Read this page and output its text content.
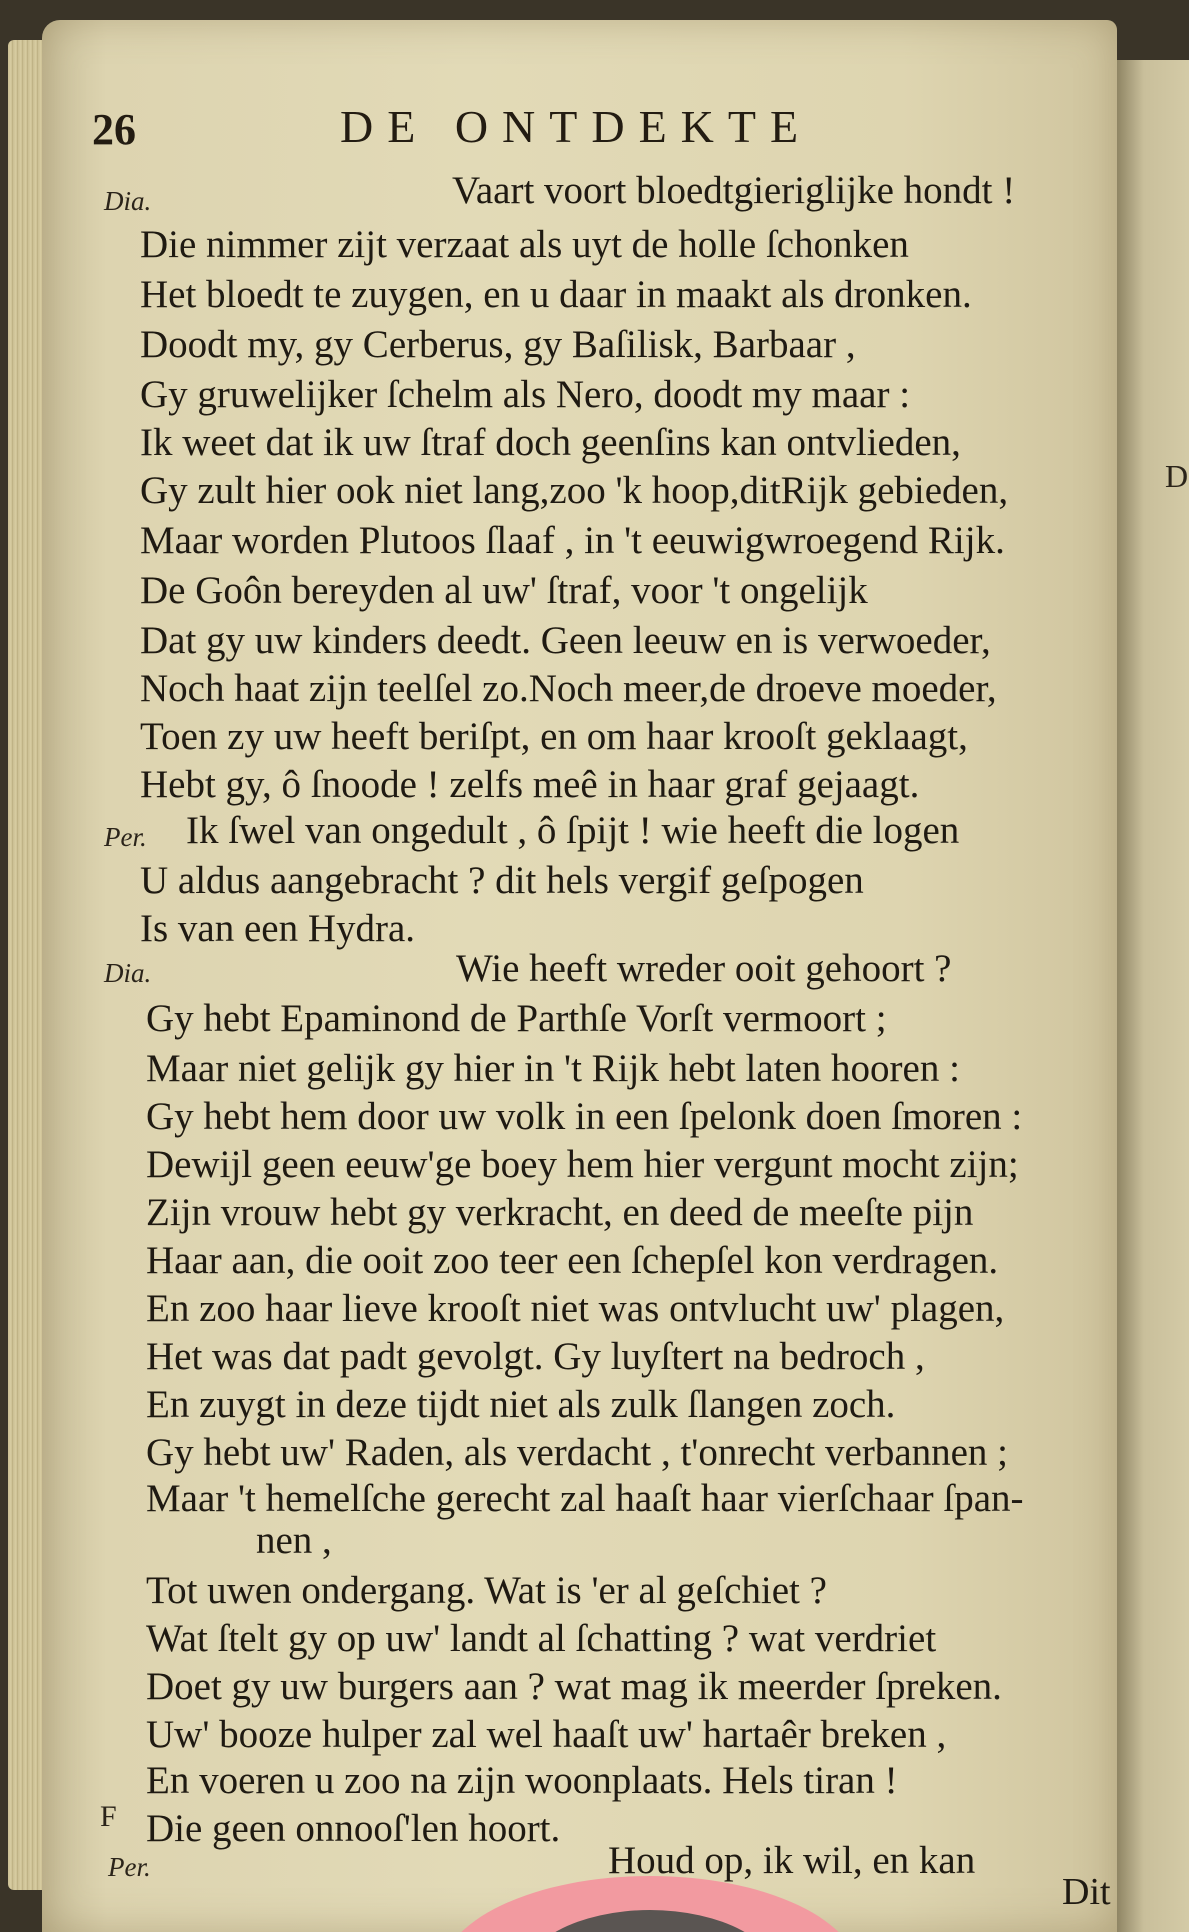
26	DE ONTDEKTE
Dia.	Vaart voort bloedtgieriglijke hondt !
Die nimmer zijt verzaat als uyt de holle ſchonken
Het bloedt te zuygen, en u daar in maakt als dronken.
Doodt my, gy Cerberus, gy Baſilisk, Barbaar ,
Gy gruwelijker ſchelm als Nero, doodt my maar :
Ik weet dat ik uw ſtraf doch geenſins kan ontvlieden,
Gy zult hier ook niet lang,zoo 'k hoop,ditRijk gebieden,
Maar worden Plutoos ſlaaf , in 't eeuwigwroegend Rijk.
De Goôn bereyden al uw' ſtraf, voor 't ongelijk
Dat gy uw kinders deedt. Geen leeuw en is verwoeder,
Noch haat zijn teelſel zo.Noch meer,de droeve moeder,
Toen zy uw heeft beriſpt, en om haar krooſt geklaagt,
Hebt gy, ô ſnoode ! zelfs meê in haar graf gejaagt.
Per. Ik ſwel van ongedult , ô ſpijt ! wie heeft die logen
U aldus aangebracht ? dit hels vergif geſpogen
Is van een Hydra.
Dia.	Wie heeft wreder ooit gehoort ?
Gy hebt Epaminond de Parthſe Vorſt vermoort ;
Maar niet gelijk gy hier in 't Rijk hebt laten hooren :
Gy hebt hem door uw volk in een ſpelonk doen ſmoren :
Dewijl geen eeuw'ge boey hem hier vergunt mocht zijn;
Zijn vrouw hebt gy verkracht, en deed de meeſte pijn
Haar aan, die ooit zoo teer een ſchepſel kon verdragen.
En zoo haar lieve krooſt niet was ontvlucht uw' plagen,
Het was dat padt gevolgt. Gy luyſtert na bedroch ,
En zuygt in deze tijdt niet als zulk ſlangen zoch.
Gy hebt uw' Raden, als verdacht , t'onrecht verbannen ;
Maar 't hemelſche gerecht zal haaſt haar vierſchaar ſpan-
nen ,
Tot uwen ondergang. Wat is 'er al geſchiet ?
Wat ſtelt gy op uw' landt al ſchatting ? wat verdriet
Doet gy uw burgers aan ? wat mag ik meerder ſpreken.
Uw' booze hulper zal wel haaſt uw' hartaêr breken ,
En voeren u zoo na zijn woonplaats. Hels tiran !
Die geen onnooſ'len hoort.
Per.	Houd op, ik wil, en kan
F
Dit
D
